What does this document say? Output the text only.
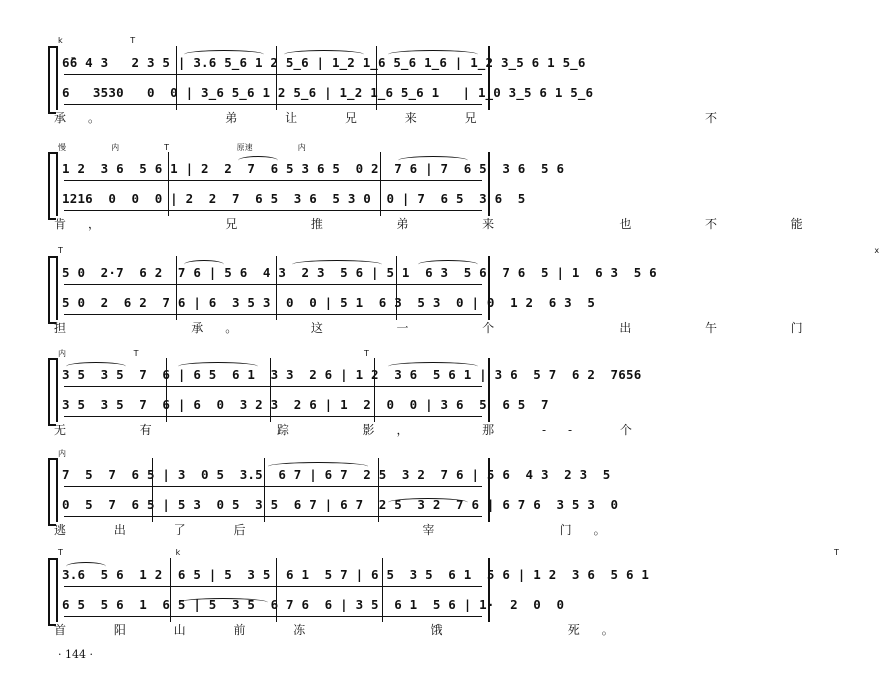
k   T
6̄6 4 3   2 3 5 | 3.6 5̲6 1 2 5̲6 | 1̲2 1̲6 5̲6 1̲6 | 1̲2 3̲5 6 1 5̲6
6   3530   0  0 | 3̲6 5̲6 1 2 5̲6 | 1̲2 1̲6 5̲6 1   | 1̲0 3̲5 6 1 5̲6
承。    弟 让 兄 来 兄        不
慢  内  T   原速  内
1 2  3 6  5 6 1 | 2  2  7  6 5 3 6 5  0 2  7 6 | 7  6 5  3 6  5 6
1216  0  0  0 | 2  2  7  6 5  3 6  5 3 0  0 | 7  6 5  3 6  5
肯，    兄  推  弟  来    也  不  能
T                                    x
5 0  2·7  6 2  7 6 | 5 6  4 3  2 3  5 6 | 5 1  6 3  5 6  7 6  5 | 1  6 3  5 6
5 0  2  6 2  7 6 | 6  3 5 3  0  0 | 5 1  6 3  5 3  0 | 0  1 2  6 3  5
担    承。  这  一  个    出  午  门
内   T          T
3 5  3 5  7  6 | 6 5  6 1  3 3  2 6 | 1 2  3 6  5 6 1 | 3 6  5 7  6 2  7656
3 5  3 5  7  6 | 6  0  3 2 3  2 6 | 1  2  0  0 | 3 6  5  6 5  7
无  有    踪  影，  那 -- 个
内
7  5  7  6 5 | 3  0 5  3.5  6 7 | 6 7  2 5  3 2  7 6 | 5 6  4 3  2 3  5
0  5  7  6 5 | 5 3  0 5  3 5  6 7 | 6 7  2 5  3 2  7 6 | 6 7 6  3 5 3  0
逃 出 了 后      宰    门。
T     k                             T
3.6  5 6  1 2  6 5 | 5  3 5  6 1  5 7 | 6 5  3 5  6 1  5 6 | 1 2  3 6  5 6 1
6 5  5 6  1  6 5 | 5  3 5  6 7 6  6 | 3 5  6 1  5 6 | 1·  2  0  0
首 阳 山 前 冻    饿    死。
· 144 ·
